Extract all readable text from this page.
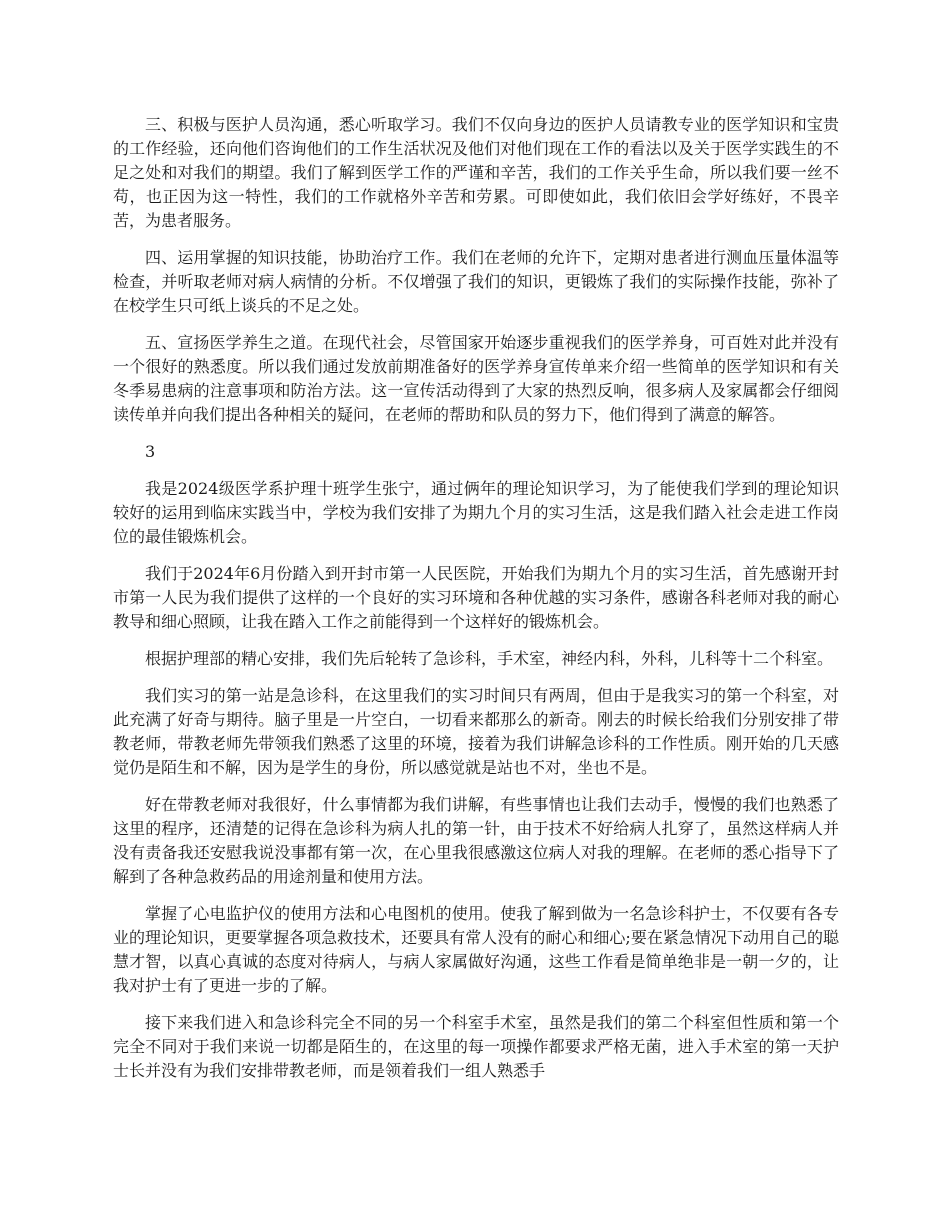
三、积极与医护人员沟通，悉心听取学习。我们不仅向身边的医护人员请教专业的医学知识和宝贵的工作经验，还向他们咨询他们的工作生活状况及他们对他们现在工作的看法以及关于医学实践生的不足之处和对我们的期望。我们了解到医学工作的严谨和辛苦，我们的工作关乎生命，所以我们要一丝不苟，也正因为这一特性，我们的工作就格外辛苦和劳累。可即使如此，我们依旧会学好练好，不畏辛苦，为患者服务。

四、运用掌握的知识技能，协助治疗工作。我们在老师的允许下，定期对患者进行测血压量体温等检查，并听取老师对病人病情的分析。不仅增强了我们的知识，更锻炼了我们的实际操作技能，弥补了在校学生只可纸上谈兵的不足之处。

五、宣扬医学养生之道。在现代社会，尽管国家开始逐步重视我们的医学养身，可百姓对此并没有一个很好的熟悉度。所以我们通过发放前期准备好的医学养身宣传单来介绍一些简单的医学知识和有关冬季易患病的注意事项和防治方法。这一宣传活动得到了大家的热烈反响，很多病人及家属都会仔细阅读传单并向我们提出各种相关的疑问，在老师的帮助和队员的努力下，他们得到了满意的解答。

3

我是2024级医学系护理十班学生张宁，通过俩年的理论知识学习，为了能使我们学到的理论知识较好的运用到临床实践当中，学校为我们安排了为期九个月的实习生活，这是我们踏入社会走进工作岗位的最佳锻炼机会。

我们于2024年6月份踏入到开封市第一人民医院，开始我们为期九个月的实习生活，首先感谢开封市第一人民为我们提供了这样的一个良好的实习环境和各种优越的实习条件，感谢各科老师对我的耐心教导和细心照顾，让我在踏入工作之前能得到一个这样好的锻炼机会。

根据护理部的精心安排，我们先后轮转了急诊科，手术室，神经内科，外科，儿科等十二个科室。

我们实习的第一站是急诊科，在这里我们的实习时间只有两周，但由于是我实习的第一个科室，对此充满了好奇与期待。脑子里是一片空白，一切看来都那么的新奇。刚去的时候长给我们分别安排了带教老师，带教老师先带领我们熟悉了这里的环境，接着为我们讲解急诊科的工作性质。刚开始的几天感觉仍是陌生和不解，因为是学生的身份，所以感觉就是站也不对，坐也不是。

好在带教老师对我很好，什么事情都为我们讲解，有些事情也让我们去动手，慢慢的我们也熟悉了这里的程序，还清楚的记得在急诊科为病人扎的第一针，由于技术不好给病人扎穿了，虽然这样病人并没有责备我还安慰我说没事都有第一次，在心里我很感激这位病人对我的理解。在老师的悉心指导下了解到了各种急救药品的用途剂量和使用方法。

掌握了心电监护仪的使用方法和心电图机的使用。使我了解到做为一名急诊科护士，不仅要有各专业的理论知识，更要掌握各项急救技术，还要具有常人没有的耐心和细心;要在紧急情况下动用自己的聪慧才智，以真心真诚的态度对待病人，与病人家属做好沟通，这些工作看是简单绝非是一朝一夕的，让我对护士有了更进一步的了解。

接下来我们进入和急诊科完全不同的另一个科室手术室，虽然是我们的第二个科室但性质和第一个完全不同对于我们来说一切都是陌生的，在这里的每一项操作都要求严格无菌，进入手术室的第一天护士长并没有为我们安排带教老师，而是领着我们一组人熟悉手
